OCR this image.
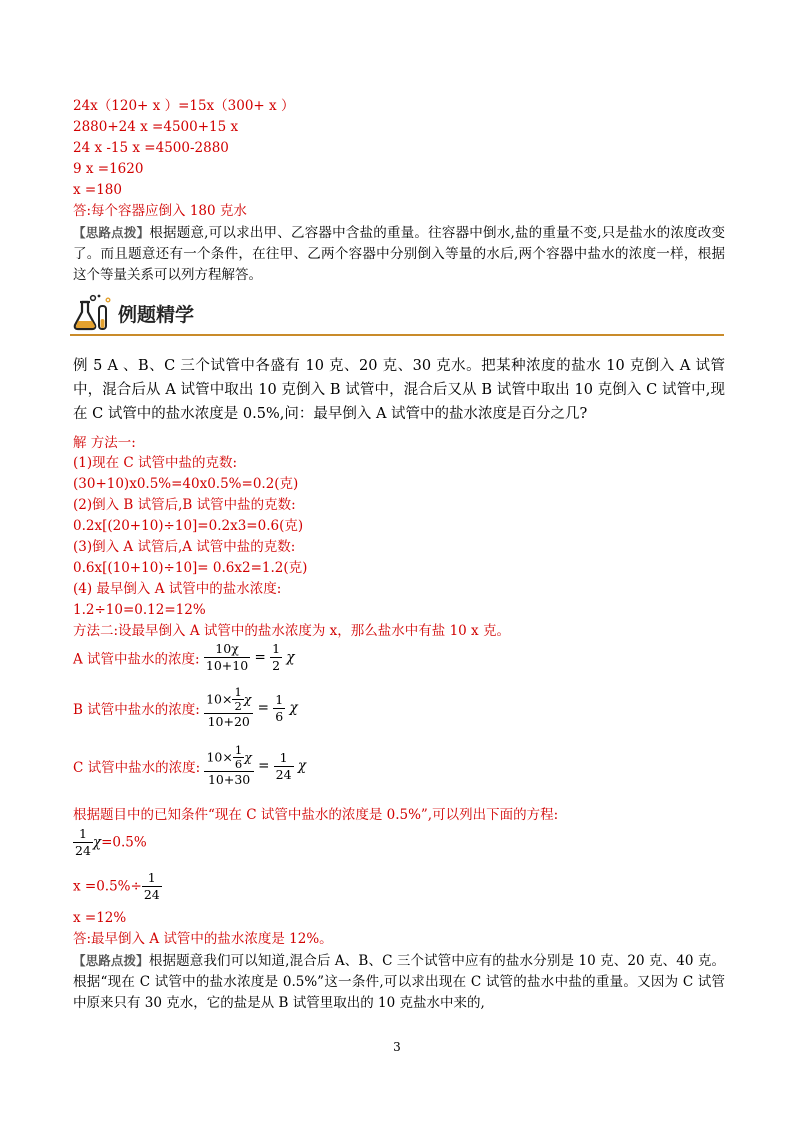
24x（120+ x ）=15x（300+ x ）
2880+24 x =4500+15 x
24 x -15 x =4500-2880
9 x =1620
x =180
答:每个容器应倒入 180 克水
【思路点拨】根据题意,可以求出甲、乙容器中含盐的重量。往容器中倒水,盐的重量不变,只是盐水的浓度改变了。而且题意还有一个条件，在往甲、乙两个容器中分别倒入等量的水后,两个容器中盐水的浓度一样，根据这个等量关系可以列方程解答。
例题精学
例 5 A 、B、C 三个试管中各盛有 10 克、20 克、30 克水。把某种浓度的盐水 10 克倒入 A 试管中，混合后从 A 试管中取出 10 克倒入 B 试管中，混合后又从 B 试管中取出 10 克倒入 C 试管中,现在 C 试管中的盐水浓度是 0.5%,问：最早倒入 A 试管中的盐水浓度是百分之几?
解 方法一:
(1)现在 C 试管中盐的克数:
(30+10)x0.5%=40x0.5%=0.2(克)
(2)倒入 B 试管后,B 试管中盐的克数:
0.2x[(20+10)÷10]=0.2x3=0.6(克)
(3)倒入 A 试管后,A 试管中盐的克数:
0.6x[(10+10)÷10]= 0.6x2=1.2(克)
(4) 最早倒入 A 试管中的盐水浓度:
1.2÷10=0.12=12%
方法二:设最早倒入 A 试管中的盐水浓度为 x，那么盐水中有盐 10 x 克。
A 试管中盐水的浓度: $\frac{10\chi}{10+10} = \frac{1}{2}$ χ
B 试管中盐水的浓度: $\frac{10\times \frac{1}{2} \chi}{10+20} = \frac{1}{6}$ χ
C 试管中盐水的浓度: $\frac{10\times \frac{1}{6} \chi}{10+30} = \frac{1}{24}$ χ
根据题目中的已知条件“现在 C 试管中盐水的浓度是 0.5%”,可以列出下面的方程:
$\frac{1}{24} \chi=0.5\%$
$x =0.5\%\div \frac{1}{24}$
x =12%
答:最早倒入 A 试管中的盐水浓度是 12%。
【思路点拨】根据题意我们可以知道,混合后 A、B、C 三个试管中应有的盐水分别是 10 克、20 克、40 克。根据“现在 C 试管中的盐水浓度是 0.5%”这一条件,可以求出现在 C 试管的盐水中盐的重量。又因为 C 试管中原来只有 30 克水，它的盐是从 B 试管里取出的 10 克盐水中来的,
3
